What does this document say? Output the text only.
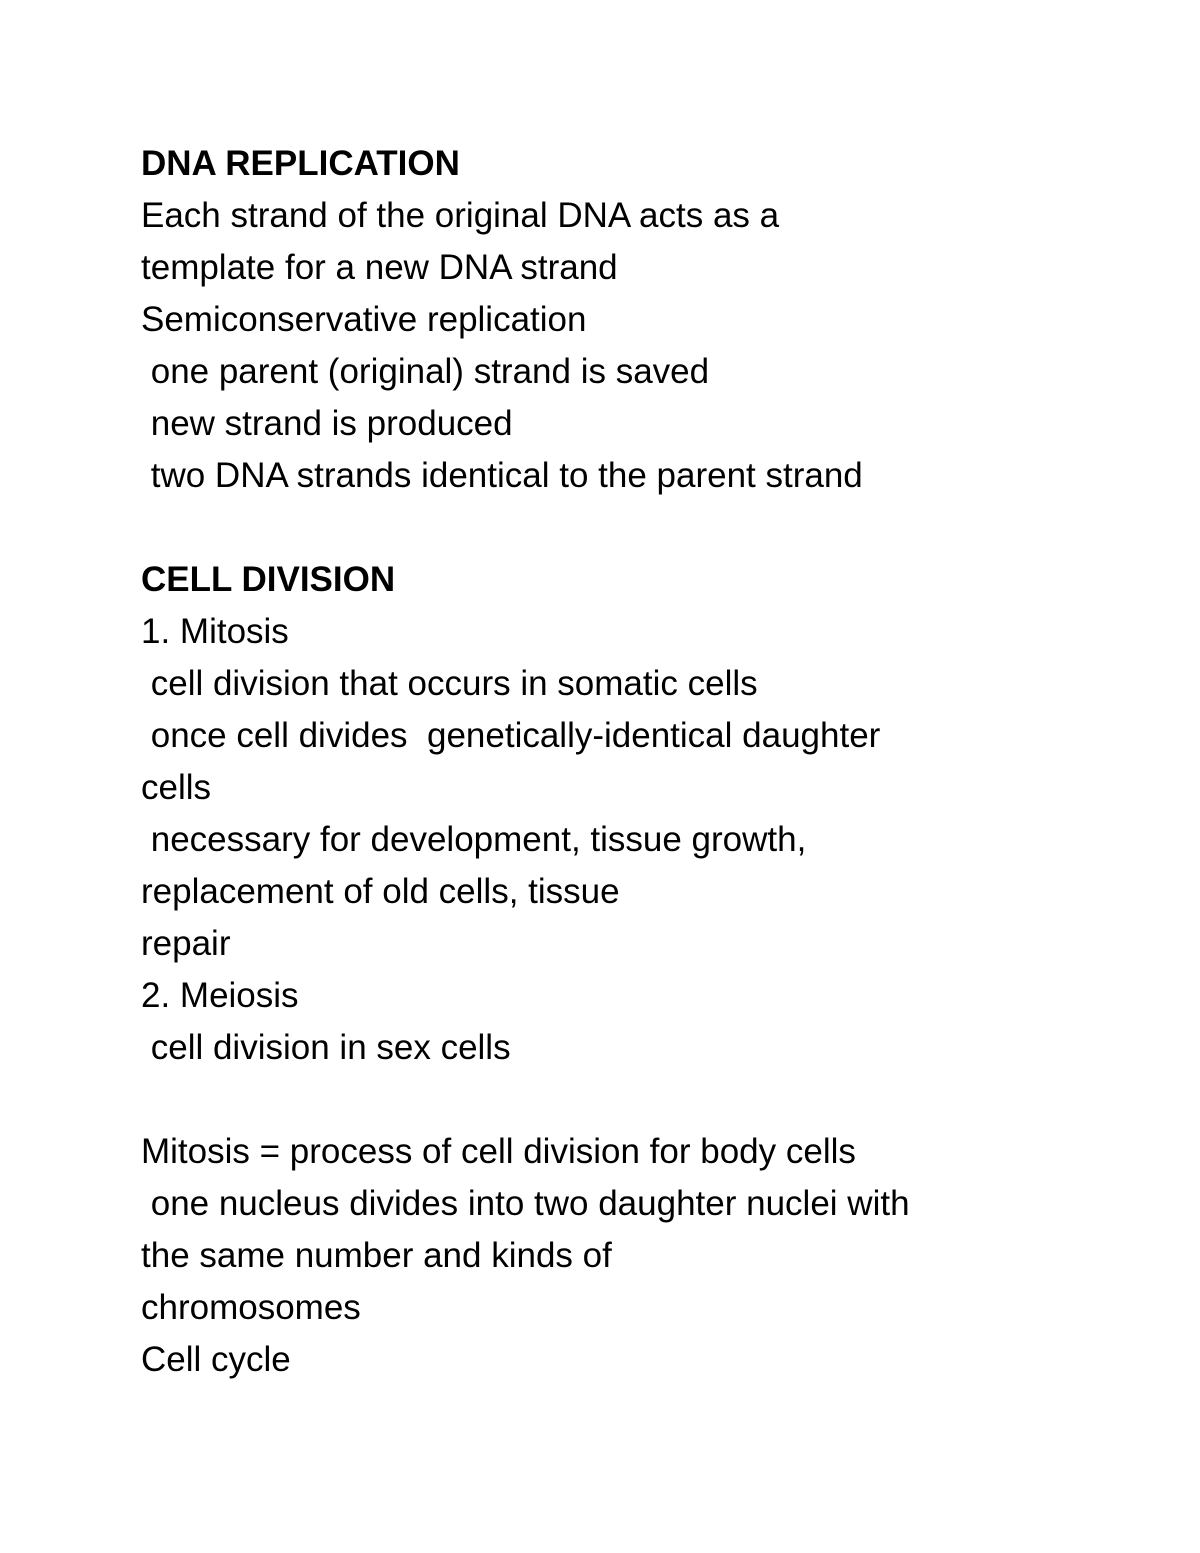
DNA REPLICATION
Each strand of the original DNA acts as a
template for a new DNA strand
Semiconservative replication
one parent (original) strand is saved
new strand is produced
two DNA strands identical to the parent strand
CELL DIVISION
1. Mitosis
cell division that occurs in somatic cells
once cell divides  genetically-identical daughter
cells
necessary for development, tissue growth,
replacement of old cells, tissue
repair
2. Meiosis
cell division in sex cells
Mitosis = process of cell division for body cells
one nucleus divides into two daughter nuclei with
the same number and kinds of
chromosomes
Cell cycle
